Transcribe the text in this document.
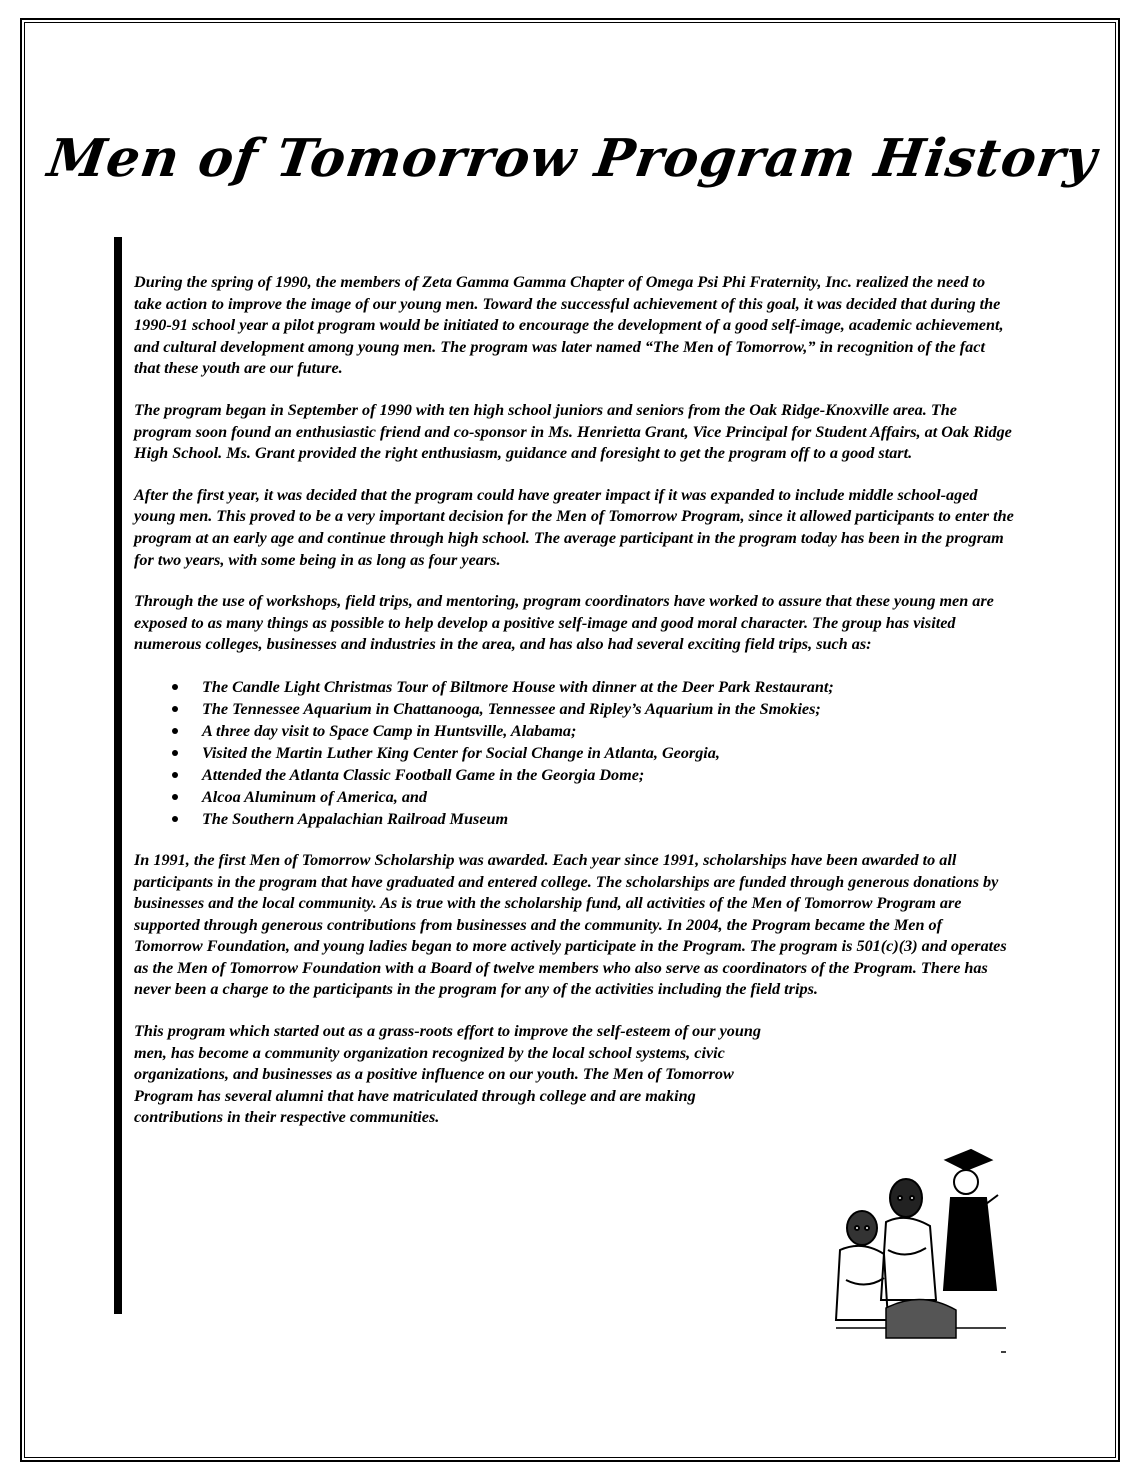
Men of Tomorrow Program History

During the spring of 1990, the members of Zeta Gamma Gamma Chapter of Omega Psi Phi Fraternity, Inc. realized the need to take action to improve the image of our young men. Toward the successful achievement of this goal, it was decided that during the 1990-91 school year a pilot program would be initiated to encourage the development of a good self-image, academic achievement, and cultural development among young men. The program was later named “The Men of Tomorrow,” in recognition of the fact that these youth are our future.

The program began in September of 1990 with ten high school juniors and seniors from the Oak Ridge-Knoxville area. The program soon found an enthusiastic friend and co-sponsor in Ms. Henrietta Grant, Vice Principal for Student Affairs, at Oak Ridge High School. Ms. Grant provided the right enthusiasm, guidance and foresight to get the program off to a good start.

After the first year, it was decided that the program could have greater impact if it was expanded to include middle school-aged young men. This proved to be a very important decision for the Men of Tomorrow Program, since it allowed participants to enter the program at an early age and continue through high school. The average participant in the program today has been in the program for two years, with some being in as long as four years.

Through the use of workshops, field trips, and mentoring, program coordinators have worked to assure that these young men are exposed to as many things as possible to help develop a positive self-image and good moral character. The group has visited numerous colleges, businesses and industries in the area, and has also had several exciting field trips, such as:

The Candle Light Christmas Tour of Biltmore House with dinner at the Deer Park Restaurant;
The Tennessee Aquarium in Chattanooga, Tennessee and Ripley’s Aquarium in the Smokies;
A three day visit to Space Camp in Huntsville, Alabama;
Visited the Martin Luther King Center for Social Change in Atlanta, Georgia,
Attended the Atlanta Classic Football Game in the Georgia Dome;
Alcoa Aluminum of America, and
The Southern Appalachian Railroad Museum

In 1991, the first Men of Tomorrow Scholarship was awarded. Each year since 1991, scholarships have been awarded to all participants in the program that have graduated and entered college. The scholarships are funded through generous donations by businesses and the local community. As is true with the scholarship fund, all activities of the Men of Tomorrow Program are supported through generous contributions from businesses and the community. In 2004, the Program became the Men of Tomorrow Foundation, and young ladies began to more actively participate in the Program. The program is 501(c)(3) and operates as the Men of Tomorrow Foundation with a Board of twelve members who also serve as coordinators of the Program. There has never been a charge to the participants in the program for any of the activities including the field trips.

This program which started out as a grass-roots effort to improve the self-esteem of our young men, has become a community organization recognized by the local school systems, civic organizations, and businesses as a positive influence on our youth. The Men of Tomorrow Program has several alumni that have matriculated through college and are making contributions in their respective communities.
